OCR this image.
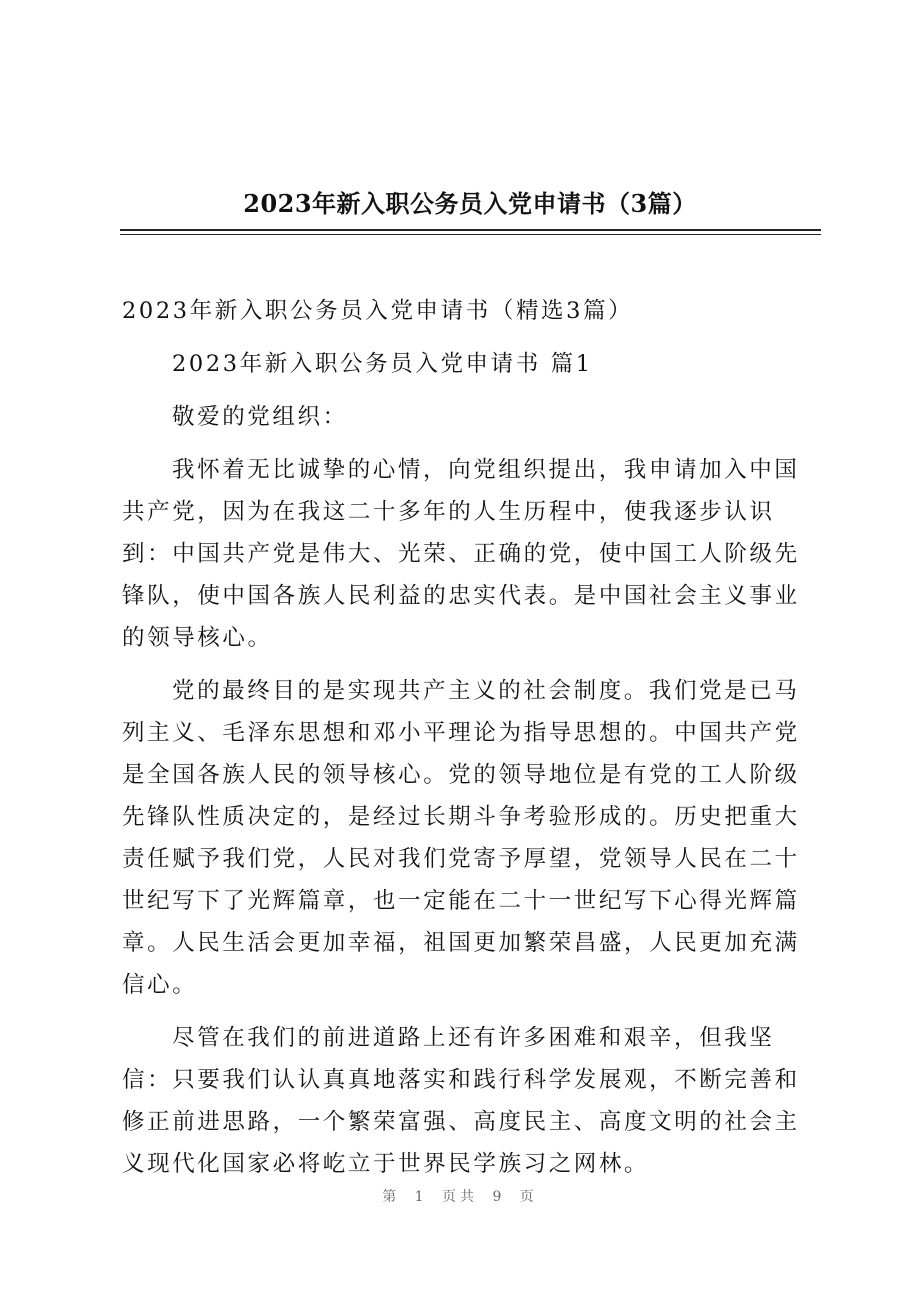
2023年新入职公务员入党申请书（3篇）

2023年新入职公务员入党申请书（精选3篇）

2023年新入职公务员入党申请书 篇1

敬爱的党组织：

我怀着无比诚挚的心情，向党组织提出，我申请加入中国共产党，因为在我这二十多年的人生历程中，使我逐步认识到：中国共产党是伟大、光荣、正确的党，使中国工人阶级先锋队，使中国各族人民利益的忠实代表。是中国社会主义事业的领导核心。

党的最终目的是实现共产主义的社会制度。我们党是已马列主义、毛泽东思想和邓小平理论为指导思想的。中国共产党是全国各族人民的领导核心。党的领导地位是有党的工人阶级先锋队性质决定的，是经过长期斗争考验形成的。历史把重大责任赋予我们党，人民对我们党寄予厚望，党领导人民在二十世纪写下了光辉篇章，也一定能在二十一世纪写下心得光辉篇章。人民生活会更加幸福，祖国更加繁荣昌盛，人民更加充满信心。

尽管在我们的前进道路上还有许多困难和艰辛，但我坚信：只要我们认认真真地落实和践行科学发展观，不断完善和修正前进思路，一个繁荣富强、高度民主、高度文明的社会主义现代化国家必将屹立于世界民学族习之网林。

第 1 页共 9 页
